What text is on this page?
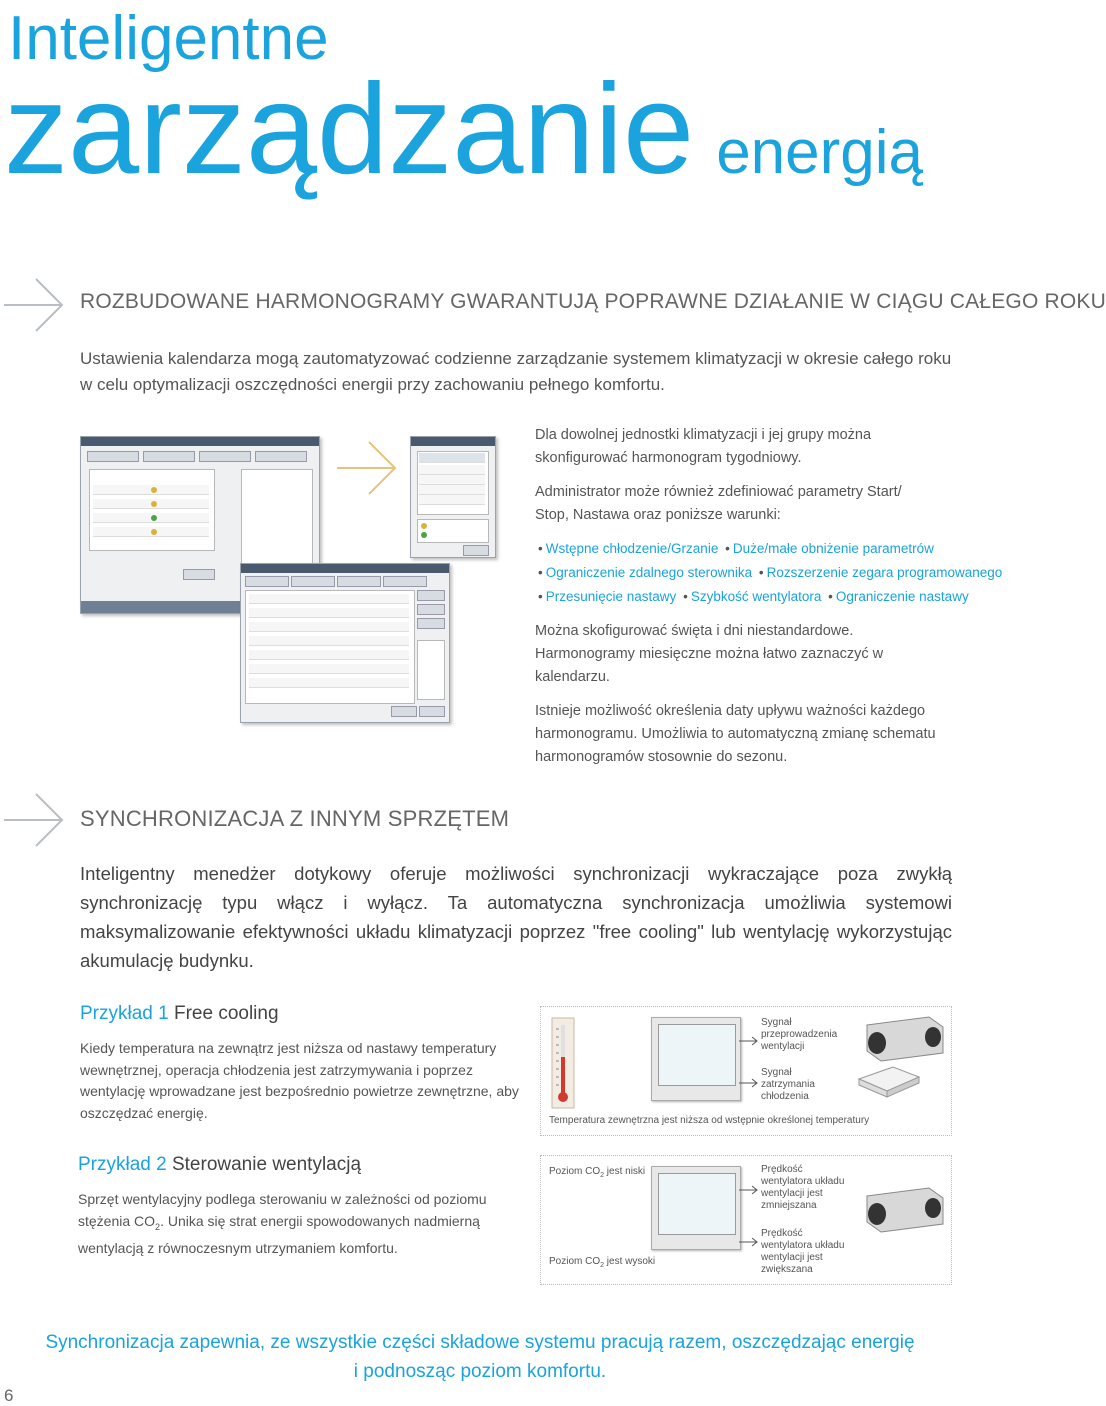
Inteligentne
zarządzanie energią
ROZBUDOWANE HARMONOGRAMY GWARANTUJĄ POPRAWNE DZIAŁANIE W CIĄGU CAŁEGO ROKU
Ustawienia kalendarza mogą zautomatyzować codzienne zarządzanie systemem klimatyzacji w okresie całego roku w celu optymalizacji oszczędności energii przy zachowaniu pełnego komfortu.
Dla dowolnej jednostki klimatyzacji i jej grupy można skonfigurować harmonogram tygodniowy.
Administrator może również zdefiniować parametry Start/ Stop, Nastawa oraz poniższe warunki:
• Wstępne chłodzenie/Grzanie • Duże/małe obniżenie parametrów
• Ograniczenie zdalnego sterownika • Rozszerzenie zegara programowanego
• Przesunięcie nastawy • Szybkość wentylatora • Ograniczenie nastawy
Można skofigurować święta i dni niestandardowe. Harmonogramy miesięczne można łatwo zaznaczyć w kalendarzu.
Istnieje możliwość określenia daty upływu ważności każdego harmonogramu. Umożliwia to automatyczną zmianę schematu harmonogramów stosownie do sezonu.
SYNCHRONIZACJA Z INNYM SPRZĘTEM
Inteligentny menedżer dotykowy oferuje możliwości synchronizacji wykraczające poza zwykłą synchronizację typu włącz i wyłącz. Ta automatyczna synchronizacja umożliwia systemowi maksymalizowanie efektywności układu klimatyzacji poprzez "free cooling" lub wentylację wykorzystując akumulację budynku.
Przykład 1 Free cooling
Kiedy temperatura na zewnątrz jest niższa od nastawy temperatury wewnętrznej, operacja chłodzenia jest zatrzymywania i poprzez wentylację wprowadzane jest bezpośrednio powietrze zewnętrzne, aby oszczędzać energię.
Sygnał przeprowadzenia wentylacji
Sygnał zatrzymania chłodzenia
Temperatura zewnętrzna jest niższa od wstępnie określonej temperatury
Przykład 2 Sterowanie wentylacją
Sprzęt wentylacyjny podlega sterowaniu w zależności od poziomu stężenia $CO_2$. Unika się strat energii spowodowanych nadmierną wentylacją z równoczesnym utrzymaniem komfortu.
Poziom $CO_2$ jest niski
Poziom $CO_2$ jest wysoki
Prędkość wentylatora układu wentylacji jest zmniejszana
Prędkość wentylatora układu wentylacji jest zwiększana
Synchronizacja zapewnia, ze wszystkie części składowe systemu pracują razem, oszczędzając energię
i podnosząc poziom komfortu.
6
